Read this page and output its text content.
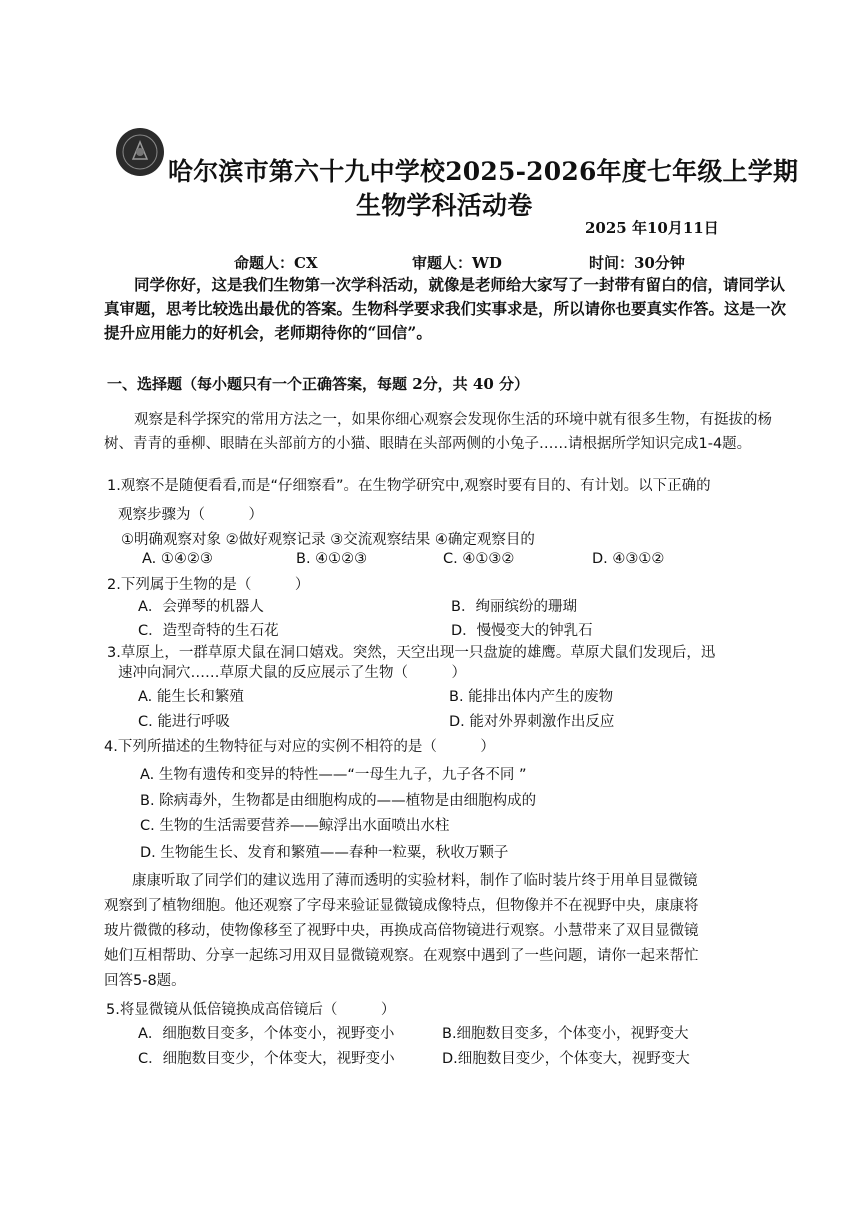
哈尔滨市第六十九中学校2025-2026年度七年级上学期
生物学科活动卷
2025 年10月11日
命题人：CX	审题人：WD	时间：30分钟
同学你好，这是我们生物第一次学科活动，就像是老师给大家写了一封带有留白的信，请同学认真审题，思考比较选出最优的答案。生物科学要求我们实事求是，所以请你也要真实作答。这是一次提升应用能力的好机会，老师期待你的“回信”。
一、选择题（每小题只有一个正确答案，每题 2分，共 40 分）
观察是科学探究的常用方法之一，如果你细心观察会发现你生活的环境中就有很多生物，有挺拔的杨树、青青的垂柳、眼睛在头部前方的小猫、眼睛在头部两侧的小兔子……请根据所学知识完成1-4题。
1.观察不是随便看看,而是“仔细察看”。在生物学研究中,观察时要有目的、有计划。以下正确的
观察步骤为（　　　）
①明确观察对象 ②做好观察记录 ③交流观察结果 ④确定观察目的
A. ①④②③	B. ④①②③	C. ④①③②	D. ④③①②
2.下列属于生物的是（　　　）
A．会弹琴的机器人	B．绚丽缤纷的珊瑚
C．造型奇特的生石花	D．慢慢变大的钟乳石
3.草原上，一群草原犬鼠在洞口嬉戏。突然，天空出现一只盘旋的雄鹰。草原犬鼠们发现后，迅
速冲向洞穴……草原犬鼠的反应展示了生物（　　　）
A. 能生长和繁殖	B. 能排出体内产生的废物
C. 能进行呼吸	D. 能对外界刺激作出反应
4.下列所描述的生物特征与对应的实例不相符的是（　　　）
A. 生物有遗传和变异的特性——“一母生九子，九子各不同 ”
B. 除病毒外，生物都是由细胞构成的——植物是由细胞构成的
C. 生物的生活需要营养——鲸浮出水面喷出水柱
D. 生物能生长、发育和繁殖——春种一粒粟，秋收万颗子
康康听取了同学们的建议选用了薄而透明的实验材料，制作了临时装片终于用单目显微镜
观察到了植物细胞。他还观察了字母来验证显微镜成像特点，但物像并不在视野中央，康康将
玻片微微的移动，使物像移至了视野中央，再换成高倍物镜进行观察。小慧带来了双目显微镜
她们互相帮助、分享一起练习用双目显微镜观察。在观察中遇到了一些问题，请你一起来帮忙
回答5-8题。
5.将显微镜从低倍镜换成高倍镜后（　　　）
A．细胞数目变多，个体变小，视野变小	B.细胞数目变多，个体变小，视野变大
C．细胞数目变少，个体变大，视野变小	D.细胞数目变少，个体变大，视野变大
